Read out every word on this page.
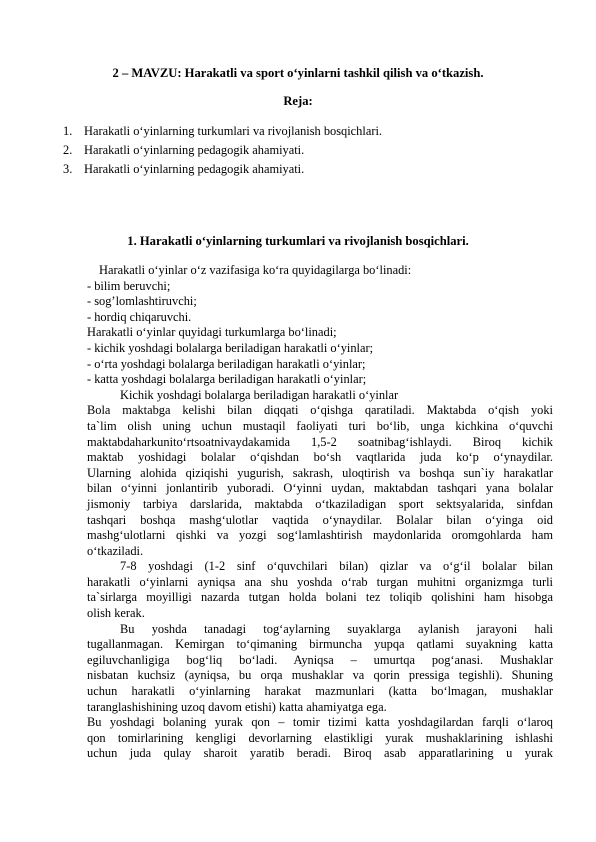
2 – MAVZU: Harakatli va sport o‘yinlarni tashkil qilish va o‘tkazish.
Reja:
1. Harakatli o‘yinlarning turkumlari va rivojlanish bosqichlari.
2. Harakatli o‘yinlarning pedagogik ahamiyati.
3. Harakatli o‘yinlarning pedagogik ahamiyati.
1. Harakatli o‘yinlarning turkumlari va rivojlanish bosqichlari.
Harakatli o‘yinlar o‘z vazifasiga ko‘ra quyidagilarga bo‘linadi:
- bilim beruvchi;
- sog’lomlashtiruvchi;
- hordiq chiqaruvchi.
Harakatli o‘yinlar quyidagi turkumlarga bo‘linadi;
- kichik yoshdagi bolalarga beriladigan harakatli o‘yinlar;
- o‘rta yoshdagi bolalarga beriladigan harakatli o‘yinlar;
- katta yoshdagi bolalarga beriladigan harakatli o‘yinlar;
Kichik yoshdagi bolalarga beriladigan harakatli o‘yinlar
Bola maktabga kelishi bilan diqqati o‘qishga qaratiladi. Maktabda o‘qish yoki
ta`lim olish uning uchun mustaqil faoliyati turi bo‘lib, unga kichkina o‘quvchi
maktabdaharkunito‘rtsoatnivaydakamida 1,5-2 soatnibag‘ishlaydi. Biroq kichik
maktab yoshidagi bolalar o‘qishdan bo‘sh vaqtlarida juda ko‘p o‘ynaydilar.
Ularning alohida qiziqishi yugurish, sakrash, uloqtirish va boshqa sun`iy harakatlar
bilan o‘yinni jonlantirib yuboradi. O‘yinni uydan, maktabdan tashqari yana bolalar
jismoniy tarbiya darslarida, maktabda o‘tkaziladigan sport sektsyalarida, sinfdan
tashqari boshqa mashg‘ulotlar vaqtida o‘ynaydilar. Bolalar bilan o‘yinga oid
mashg‘ulotlarni qishki va yozgi sog‘lamlashtirish maydonlarida oromgohlarda ham
o‘tkaziladi.
7-8 yoshdagi (1-2 sinf o‘quvchilari bilan) qizlar va o‘g‘il bolalar bilan
harakatli o‘yinlarni ayniqsa ana shu yoshda o‘rab turgan muhitni organizmga turli
ta`sirlarga moyilligi nazarda tutgan holda bolani tez toliqib qolishini ham hisobga
olish kerak.
Bu yoshda tanadagi tog‘aylarning suyaklarga aylanish jarayoni hali
tugallanmagan. Kemirgan to‘qimaning birmuncha yupqa qatlami suyakning katta
egiluvchanligiga bog‘liq bo‘ladi. Ayniqsa – umurtqa pog‘anasi. Mushaklar
nisbatan kuchsiz (ayniqsa, bu orqa mushaklar va qorin pressiga tegishli). Shuning
uchun harakatli o‘yinlarning harakat mazmunlari (katta bo‘lmagan, mushaklar
taranglashishining uzoq davom etishi) katta ahamiyatga ega.
Bu yoshdagi bolaning yurak qon – tomir tizimi katta yoshdagilardan farqli o‘laroq
qon tomirlarining kengligi devorlarning elastikligi yurak mushaklarining ishlashi
uchun juda qulay sharoit yaratib beradi. Biroq asab apparatlarining u yurak
